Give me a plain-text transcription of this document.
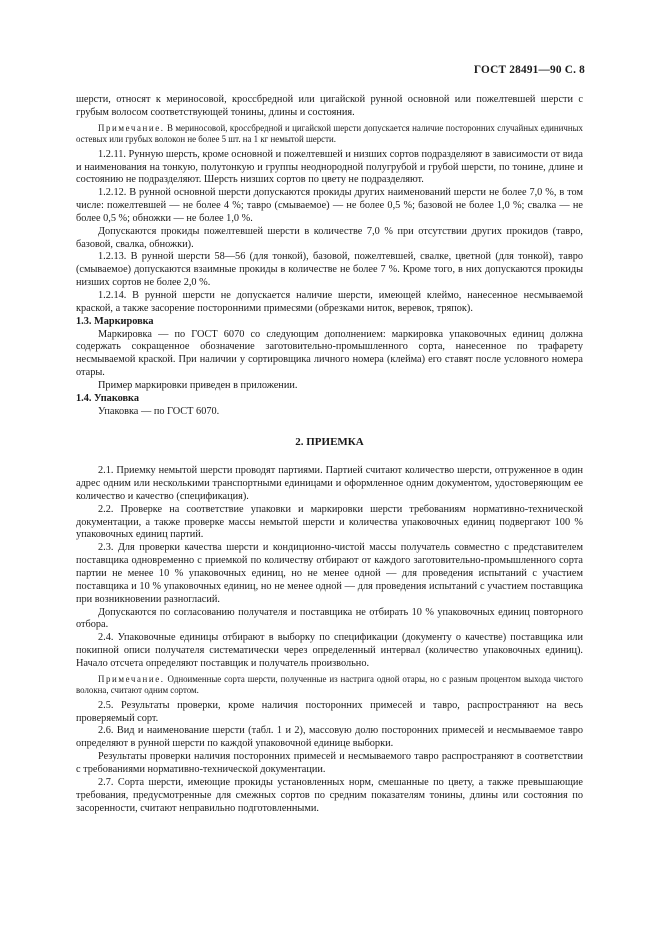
ГОСТ 28491—90 С. 8

шерсти, относят к мериносовой, кроссбредной или цигайской рунной основной или пожелтевшей шерсти с грубым волосом соответствующей тонины, длины и состояния.

Примечание. В мериносовой, кроссбредной и цигайской шерсти допускается наличие посторонних случайных единичных остевых или грубых волокон не более 5 шт. на 1 кг немытой шерсти.

1.2.11. Рунную шерсть, кроме основной и пожелтевшей и низших сортов подразделяют в зависимости от вида и наименования на тонкую, полутонкую и группы неоднородной полугрубой и грубой шерсти, по тонине, длине и состоянию не подразделяют. Шерсть низших сортов по цвету не подразделяют.

1.2.12. В рунной основной шерсти допускаются прокиды других наименований шерсти не более 7,0 %, в том числе: пожелтевшей — не более 4 %; тавро (смываемое) — не более 0,5 %; базовой не более 1,0 %; свалка — не более 0,5 %; обножки — не более 1,0 %.

Допускаются прокиды пожелтевшей шерсти в количестве 7,0 % при отсутствии других прокидов (тавро, базовой, свалка, обножки).

1.2.13. В рунной шерсти 58—56 (для тонкой), базовой, пожелтевшей, свалке, цветной (для тонкой), тавро (смываемое) допускаются взаимные прокиды в количестве не более 7 %. Кроме того, в них допускаются прокиды низших сортов не более 2,0 %.

1.2.14. В рунной шерсти не допускается наличие шерсти, имеющей клеймо, нанесенное несмываемой краской, а также засорение посторонними примесями (обрезками ниток, веревок, тряпок).

1.3. Маркировка

Маркировка — по ГОСТ 6070 со следующим дополнением: маркировка упаковочных единиц должна содержать сокращенное обозначение заготовительно-промышленного сорта, нанесенное по трафарету несмываемой краской. При наличии у сортировщика личного номера (клейма) его ставят после условного номера отары.

Пример маркировки приведен в приложении.

1.4. Упаковка

Упаковка — по ГОСТ 6070.

2. ПРИЕМКА

2.1. Приемку немытой шерсти проводят партиями. Партией считают количество шерсти, отгруженное в один адрес одним или несколькими транспортными единицами и оформленное одним документом, удостоверяющим ее количество и качество (спецификация).

2.2. Проверке на соответствие упаковки и маркировки шерсти требованиям нормативно-технической документации, а также проверке массы немытой шерсти и количества упаковочных единиц подвергают 100 % упаковочных единиц партий.

2.3. Для проверки качества шерсти и кондиционно-чистой массы получатель совместно с представителем поставщика одновременно с приемкой по количеству отбирают от каждого заготовительно-промышленного сорта партии не менее 10 % упаковочных единиц, но не менее одной — для проведения испытаний с участием поставщика и 10 % упаковочных единиц, но не менее одной — для проведения испытаний с участием поставщика при возникновении разногласий.

Допускаются по согласованию получателя и поставщика не отбирать 10 % упаковочных единиц повторного отбора.

2.4. Упаковочные единицы отбирают в выборку по спецификации (документу о качестве) поставщика или покипной описи получателя систематически через определенный интервал (количество упаковочных единиц). Начало отсчета определяют поставщик и получатель произвольно.

Примечание. Одноименные сорта шерсти, полученные из настрига одной отары, но с разным процентом выхода чистого волокна, считают одним сортом.

2.5. Результаты проверки, кроме наличия посторонних примесей и тавро, распространяют на весь проверяемый сорт.

2.6. Вид и наименование шерсти (табл. 1 и 2), массовую долю посторонних примесей и несмываемое тавро определяют в рунной шерсти по каждой упаковочной единице выборки.

Результаты проверки наличия посторонних примесей и несмываемого тавро распространяют в соответствии с требованиями нормативно-технической документации.

2.7. Сорта шерсти, имеющие прокиды установленных норм, смешанные по цвету, а также превышающие требования, предусмотренные для смежных сортов по средним показателям тонины, длины или состояния по засоренности, считают неправильно подготовленными.
